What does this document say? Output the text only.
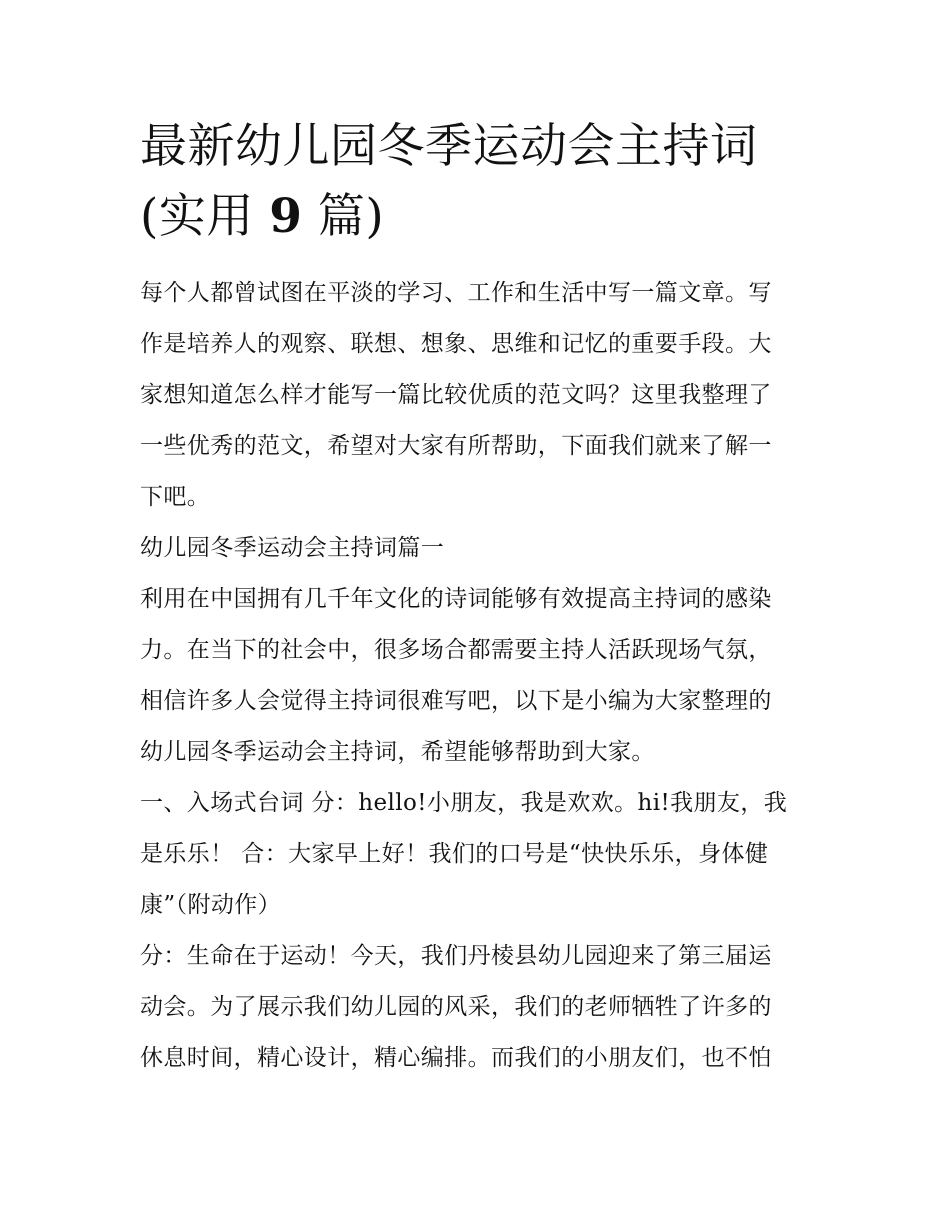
最新幼儿园冬季运动会主持词
(实用 9 篇)

每个人都曾试图在平淡的学习、工作和生活中写一篇文章。写
作是培养人的观察、联想、想象、思维和记忆的重要手段。大
家想知道怎么样才能写一篇比较优质的范文吗？这里我整理了
一些优秀的范文，希望对大家有所帮助，下面我们就来了解一
下吧。

幼儿园冬季运动会主持词篇一

利用在中国拥有几千年文化的诗词能够有效提高主持词的感染
力。在当下的社会中，很多场合都需要主持人活跃现场气氛，
相信许多人会觉得主持词很难写吧，以下是小编为大家整理的
幼儿园冬季运动会主持词，希望能够帮助到大家。

一、入场式台词 分：hello!小朋友，我是欢欢。hi!我朋友，我
是乐乐！ 合：大家早上好！我们的口号是“快快乐乐，身体健
康”（附动作）

分：生命在于运动！今天，我们丹棱县幼儿园迎来了第三届运
动会。为了展示我们幼儿园的风采，我们的老师牺牲了许多的
休息时间，精心设计，精心编排。而我们的小朋友们，也不怕
